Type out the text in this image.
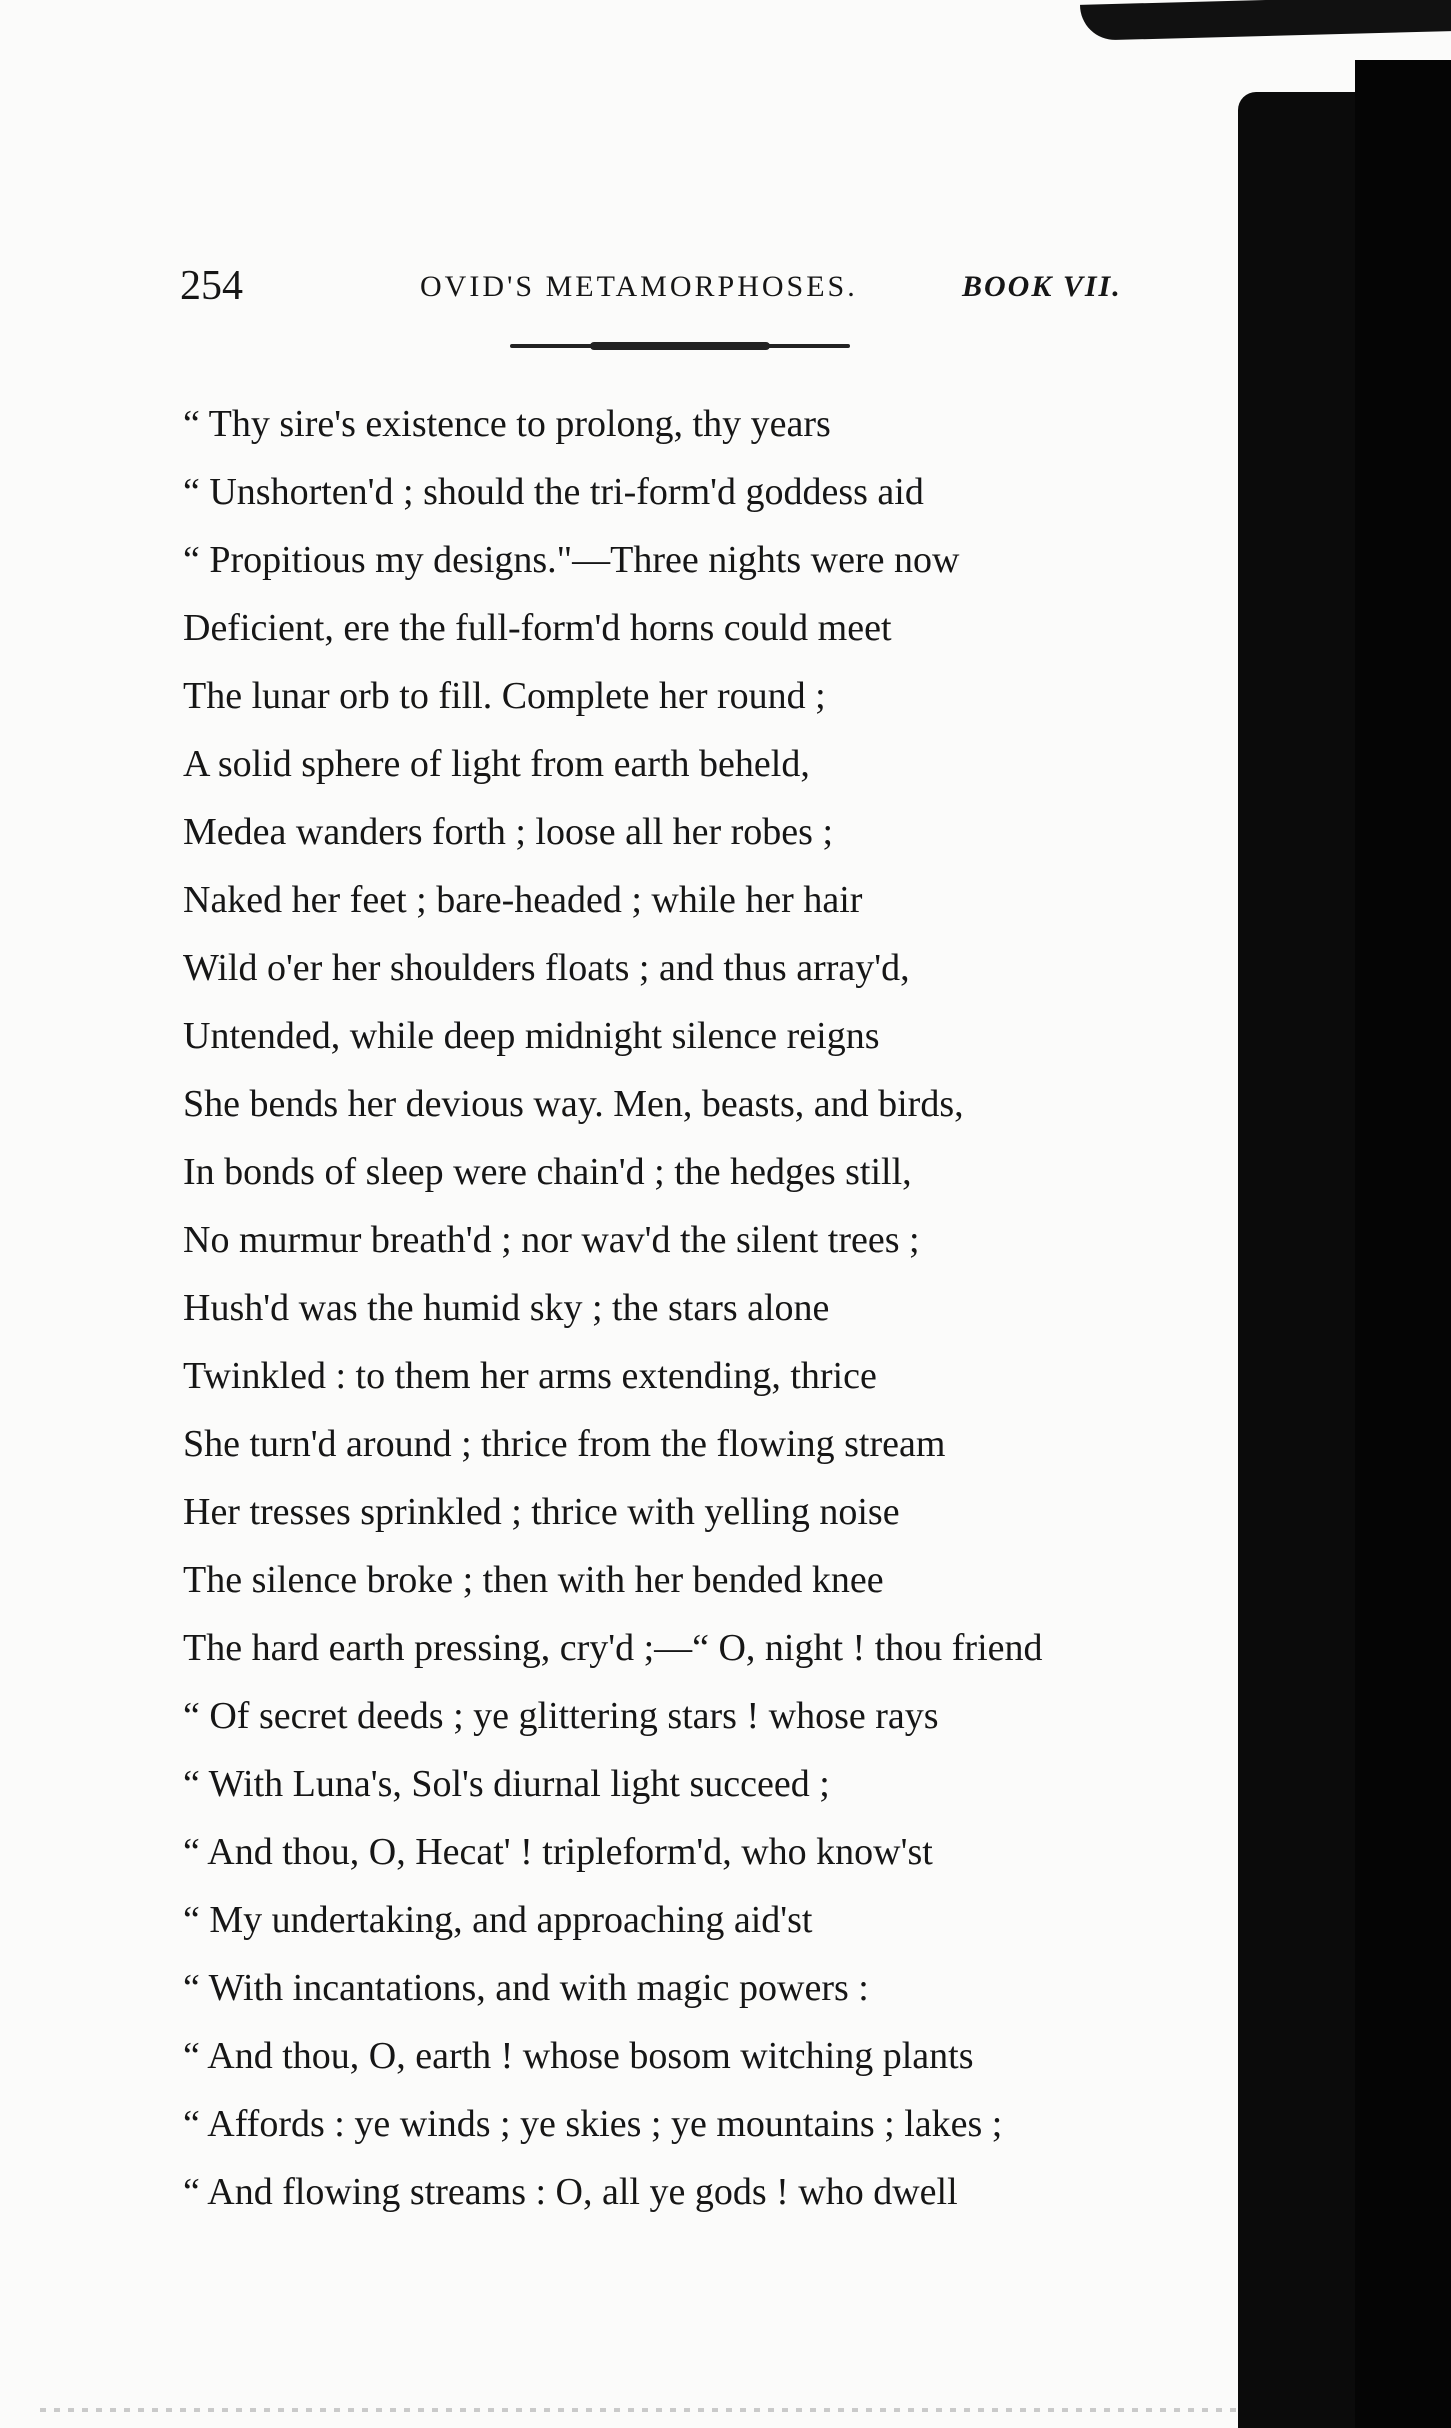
254	OVID'S METAMORPHOSES.	BOOK VII.
“ Thy sire's existence to prolong, thy years
“ Unshorten'd ; should the tri-form'd goddess aid
“ Propitious my designs."—Three nights were now
Deficient, ere the full-form'd horns could meet
The lunar orb to fill. Complete her round ;
A solid sphere of light from earth beheld,
Medea wanders forth ; loose all her robes ;
Naked her feet ; bare-headed ; while her hair
Wild o'er her shoulders floats ; and thus array'd,
Untended, while deep midnight silence reigns
She bends her devious way. Men, beasts, and birds,
In bonds of sleep were chain'd ; the hedges still,
No murmur breath'd ; nor wav'd the silent trees ;
Hush'd was the humid sky ; the stars alone
Twinkled : to them her arms extending, thrice
She turn'd around ; thrice from the flowing stream
Her tresses sprinkled ; thrice with yelling noise
The silence broke ; then with her bended knee
The hard earth pressing, cry'd ;—“ O, night ! thou friend
“ Of secret deeds ; ye glittering stars ! whose rays
“ With Luna's, Sol's diurnal light succeed ;
“ And thou, O, Hecat' ! tripleform'd, who know'st
“ My undertaking, and approaching aid'st
“ With incantations, and with magic powers :
“ And thou, O, earth ! whose bosom witching plants
“ Affords : ye winds ; ye skies ; ye mountains ; lakes ;
“ And flowing streams : O, all ye gods ! who dwell
